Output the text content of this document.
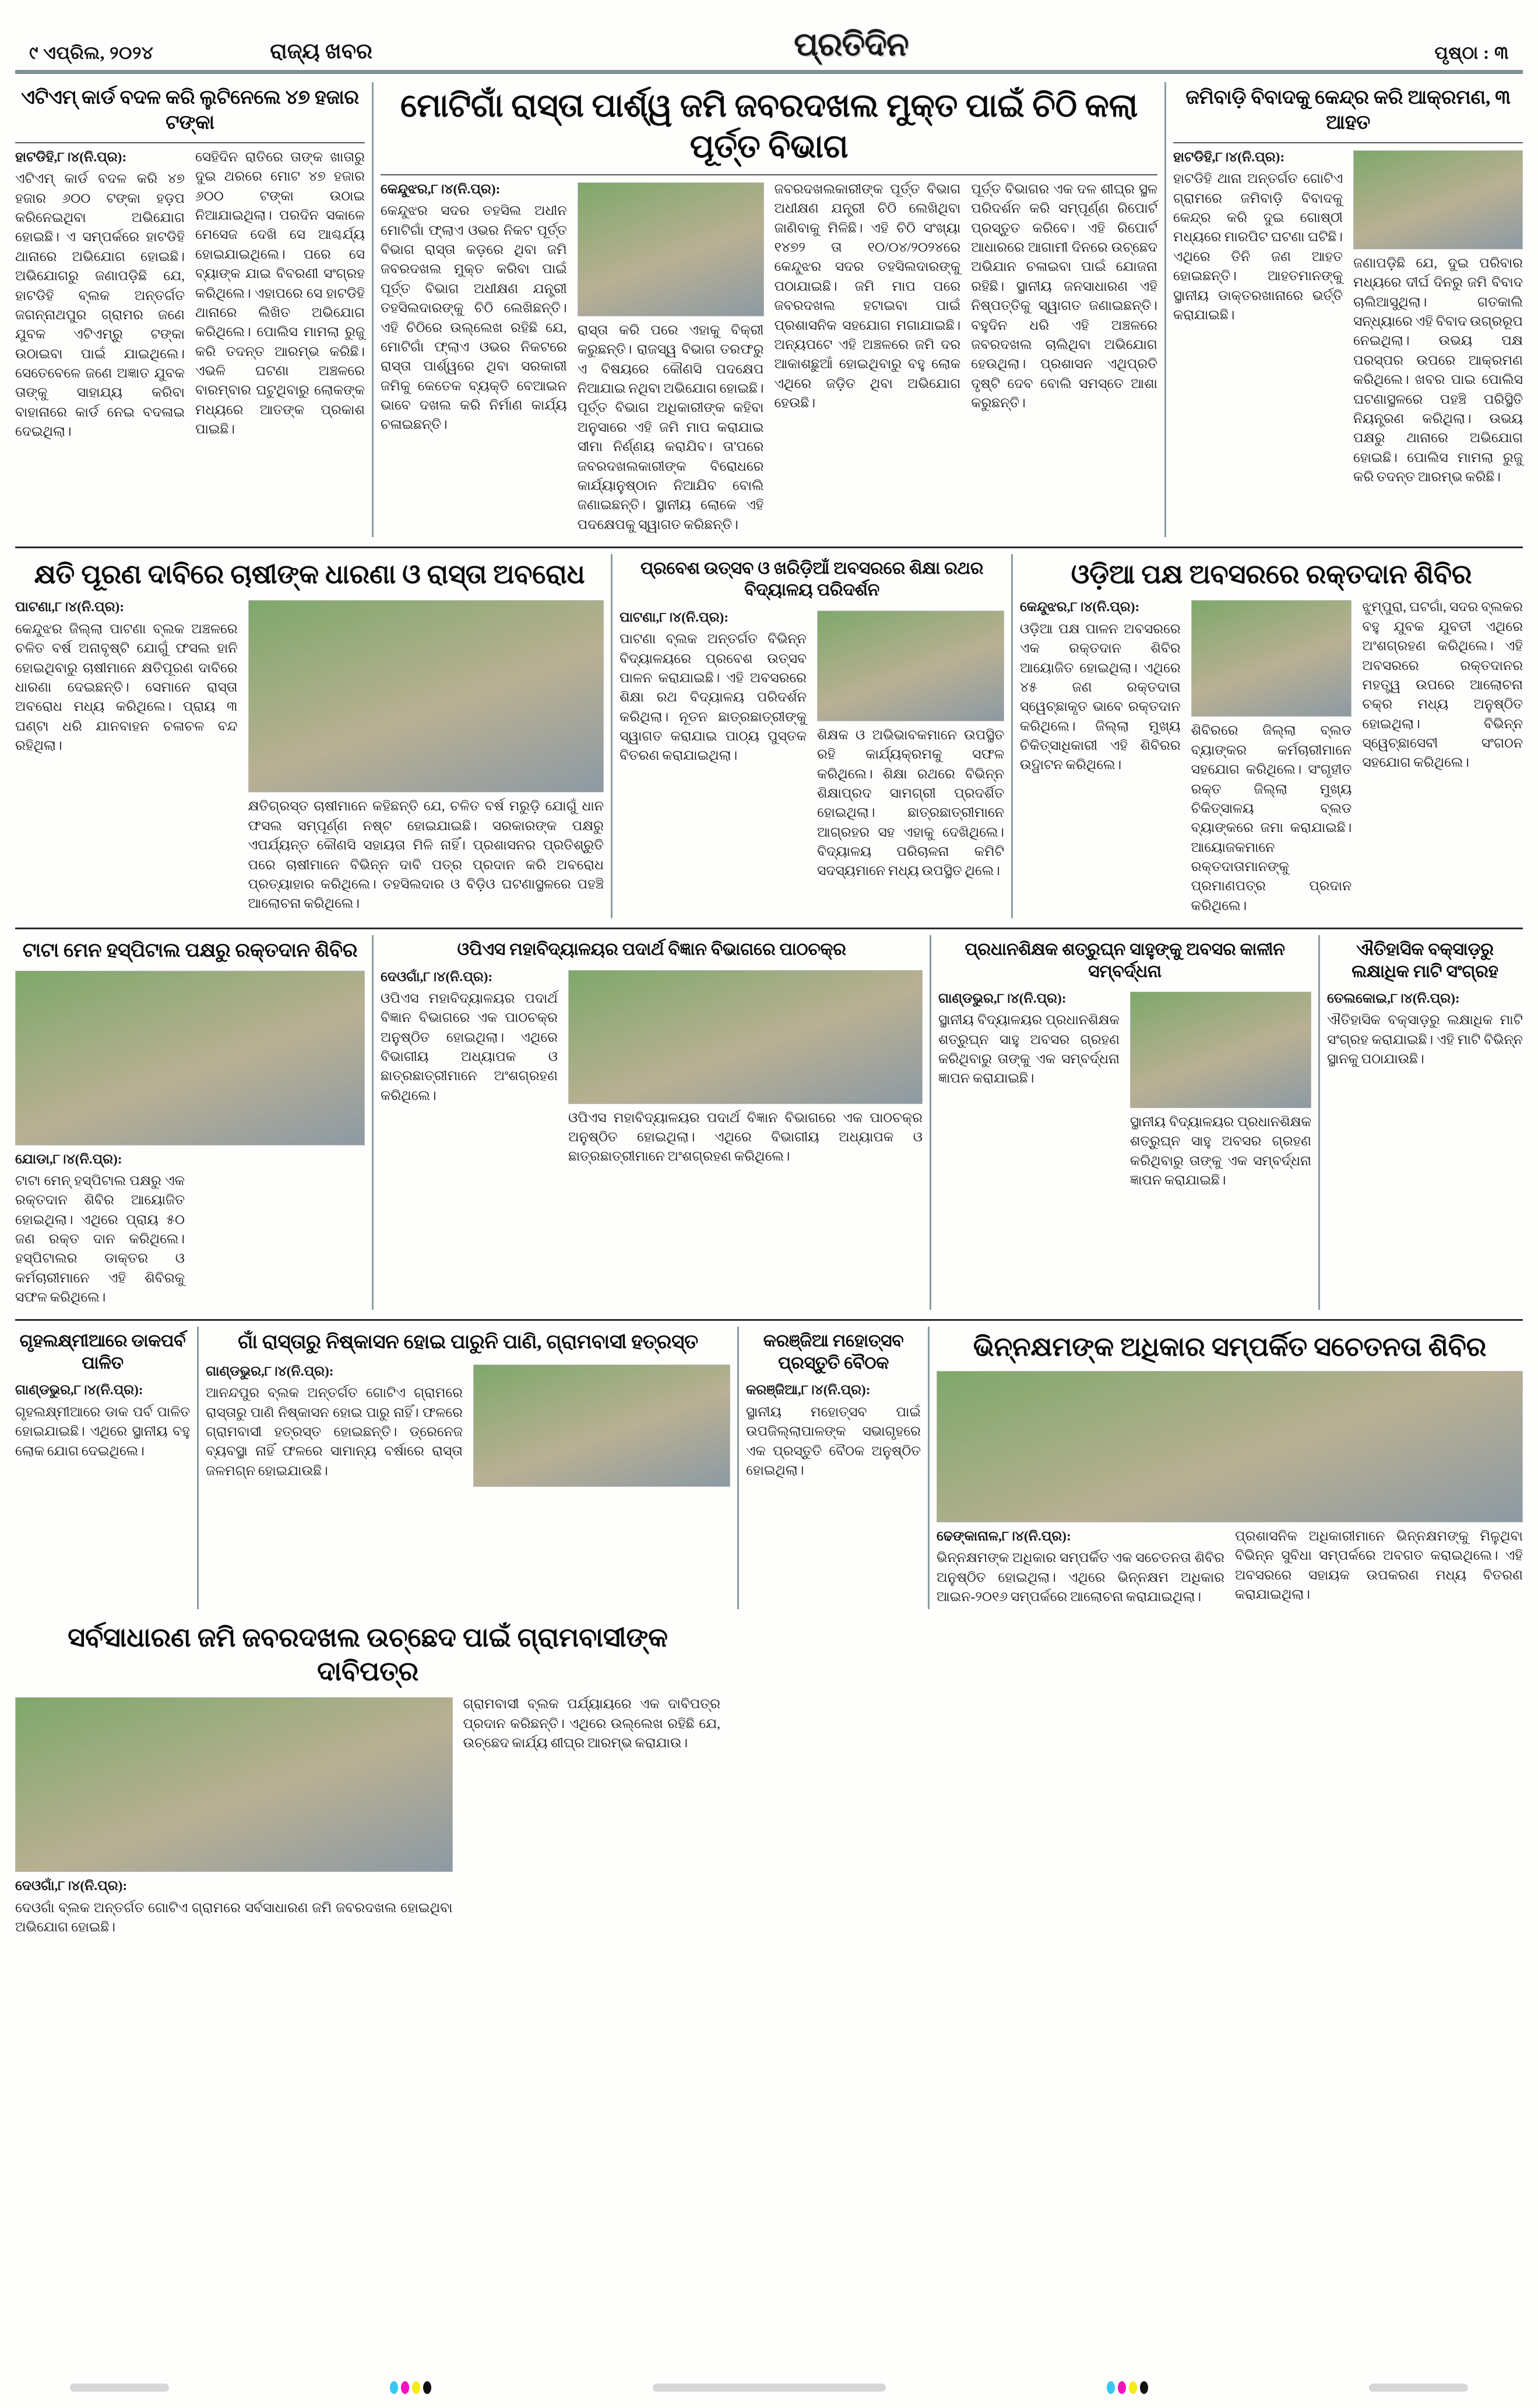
୯ ଏପ୍ରିଲ, ୨୦୨୪	ରାଜ୍ୟ ଖବର	ପ୍ରତିଦିନ	ପୃଷ୍ଠା : ୩
ଏଟିଏମ୍ କାର୍ଡ ବଦଳ କରି ଲୁଟିନେଲେ ୪୭ ହଜାର ଟଙ୍କା

ହାଟଡିହି,୮।୪(ନି.ପ୍ର):

ଏଟିଏମ୍ କାର୍ଡ ବଦଳ କରି ୪୭ ହଜାର ୬୦୦ ଟଙ୍କା ହଡ଼ପ କରିନେଇଥିବା ଅଭିଯୋଗ ହୋଇଛି। ଏ ସମ୍ପର୍କରେ ହାଟଡିହି ଥାନାରେ ଅଭିଯୋଗ ହୋଇଛି। ଅଭିଯୋଗରୁ ଜଣାପଡ଼ିଛି ଯେ, ହାଟଡିହି ବ୍ଲକ ଅନ୍ତର୍ଗତ ଜଗନ୍ନାଥପୁର ଗ୍ରାମର ଜଣେ ଯୁବକ ଏଟିଏମ୍‌ରୁ ଟଙ୍କା ଉଠାଇବା ପାଇଁ ଯାଇଥିଲେ। ସେତେବେଳେ ଜଣେ ଅଜ୍ଞାତ ଯୁବକ ତାଙ୍କୁ ସାହାଯ୍ୟ କରିବା ବାହାନାରେ କାର୍ଡ ନେଇ ବଦଳାଇ ଦେଇଥିଲା।

ସେହିଦିନ ରାତିରେ ତାଙ୍କ ଖାତାରୁ ଦୁଇ ଥରରେ ମୋଟ ୪୭ ହଜାର ୬୦୦ ଟଙ୍କା ଉଠାଇ ନିଆଯାଇଥିଲା। ପରଦିନ ସକାଳେ ମେସେଜ ଦେଖି ସେ ଆଶ୍ଚର୍ଯ୍ୟ ହୋଇଯାଇଥିଲେ। ପରେ ସେ ବ୍ୟାଙ୍କ ଯାଇ ବିବରଣୀ ସଂଗ୍ରହ କରିଥିଲେ। ଏହାପରେ ସେ ହାଟଡିହି ଥାନାରେ ଲିଖିତ ଅଭିଯୋଗ କରିଥିଲେ। ପୋଲିସ ମାମଲା ରୁଜୁ କରି ତଦନ୍ତ ଆରମ୍ଭ କରିଛି। ଏଭଳି ଘଟଣା ଅଞ୍ଚଳରେ ବାରମ୍ବାର ଘଟୁଥିବାରୁ ଲୋକଙ୍କ ମଧ୍ୟରେ ଆତଙ୍କ ପ୍ରକାଶ ପାଇଛି।

ମୋଟିଗାଁ ରାସ୍ତା ପାର୍ଶ୍ୱ ଜମି ଜବରଦଖଲ ମୁକ୍ତ ପାଇଁ ଚିଠି କଲା ପୂର୍ତ୍ତ ବିଭାଗ

କେନ୍ଦୁଝର,୮।୪(ନି.ପ୍ର):

କେନ୍ଦୁଝର ସଦର ତହସିଲ ଅଧୀନ ମୋଟିଗାଁ ଫ୍ଲାଏ ଓଭର ନିକଟ ପୂର୍ତ୍ତ ବିଭାଗ ରାସ୍ତା କଡ଼ରେ ଥିବା ଜମି ଜବରଦଖଲ ମୁକ୍ତ କରିବା ପାଇଁ ପୂର୍ତ୍ତ ବିଭାଗ ଅଧୀକ୍ଷଣ ଯନ୍ତ୍ରୀ ତହସିଲଦାରଙ୍କୁ ଚିଠି ଲେଖିଛନ୍ତି। ଏହି ଚିଠିରେ ଉଲ୍ଲେଖ ରହିଛି ଯେ, ମୋଟିଗାଁ ଫ୍ଲାଏ ଓଭର ନିକଟରେ ରାସ୍ତା ପାର୍ଶ୍ୱରେ ଥିବା ସରକାରୀ ଜମିକୁ କେତେକ ବ୍ୟକ୍ତି ବେଆଇନ ଭାବେ ଦଖଲ କରି ନିର୍ମାଣ କାର୍ଯ୍ୟ ଚଳାଇଛନ୍ତି।

ରାସ୍ତା କରି ପରେ ଏହାକୁ ବିକ୍ରୀ କରୁଛନ୍ତି। ରାଜସ୍ୱ ବିଭାଗ ତରଫରୁ ଏ ବିଷୟରେ କୌଣସି ପଦକ୍ଷେପ ନିଆଯାଇ ନଥିବା ଅଭିଯୋଗ ହୋଇଛି। ପୂର୍ତ୍ତ ବିଭାଗ ଅଧିକାରୀଙ୍କ କହିବା ଅନୁସାରେ ଏହି ଜମି ମାପ କରାଯାଇ ସୀମା ନିର୍ଣ୍ଣୟ କରାଯିବ। ତା'ପରେ ଜବରଦଖଲକାରୀଙ୍କ ବିରୋଧରେ କାର୍ଯ୍ୟାନୁଷ୍ଠାନ ନିଆଯିବ ବୋଲି ଜଣାଇଛନ୍ତି। ସ୍ଥାନୀୟ ଲୋକେ ଏହି ପଦକ୍ଷେପକୁ ସ୍ୱାଗତ କରିଛନ୍ତି।

ଜବରଦଖଲକାରୀଙ୍କ ପୂର୍ତ୍ତ ବିଭାଗ ଅଧୀକ୍ଷଣ ଯନ୍ତ୍ରୀ ଚିଠି ଲେଖିଥିବା ଜାଣିବାକୁ ମିଳିଛି। ଏହି ଚିଠି ସଂଖ୍ୟା ୧୪୭୨ ତା ୧୦/୦୪/୨୦୨୪ରେ କେନ୍ଦୁଝର ସଦର ତହସିଲଦାରଙ୍କୁ ପଠାଯାଇଛି। ଜମି ମାପ ପରେ ଜବରଦଖଲ ହଟାଇବା ପାଇଁ ପ୍ରଶାସନିକ ସହଯୋଗ ମଗାଯାଇଛି। ଅନ୍ୟପଟେ ଏହି ଅଞ୍ଚଳରେ ଜମି ଦର ଆକାଶଛୁଆଁ ହୋଇଥିବାରୁ ବହୁ ଲୋକ ଏଥିରେ ଜଡ଼ିତ ଥିବା ଅଭିଯୋଗ ହେଉଛି।

ପୂର୍ତ୍ତ ବିଭାଗର ଏକ ଦଳ ଶୀଘ୍ର ସ୍ଥଳ ପରିଦର୍ଶନ କରି ସମ୍ପୂର୍ଣ୍ଣ ରିପୋର୍ଟ ପ୍ରସ୍ତୁତ କରିବେ। ଏହି ରିପୋର୍ଟ ଆଧାରରେ ଆଗାମୀ ଦିନରେ ଉଚ୍ଛେଦ ଅଭିଯାନ ଚଳାଇବା ପାଇଁ ଯୋଜନା ରହିଛି। ସ୍ଥାନୀୟ ଜନସାଧାରଣ ଏହି ନିଷ୍ପତ୍ତିକୁ ସ୍ୱାଗତ ଜଣାଇଛନ୍ତି। ବହୁଦିନ ଧରି ଏହି ଅଞ୍ଚଳରେ ଜବରଦଖଲ ଚାଲିଥିବା ଅଭିଯୋଗ ହେଉଥିଲା। ପ୍ରଶାସନ ଏଥିପ୍ରତି ଦୃଷ୍ଟି ଦେବ ବୋଲି ସମସ୍ତେ ଆଶା କରୁଛନ୍ତି।

ଜମିବାଡ଼ି ବିବାଦକୁ କେନ୍ଦ୍ର କରି ଆକ୍ରମଣ, ୩ ଆହତ

ହାଟଡିହି,୮।୪(ନି.ପ୍ର):

ହାଟଡିହି ଥାନା ଅନ୍ତର୍ଗତ ଗୋଟିଏ ଗ୍ରାମରେ ଜମିବାଡ଼ି ବିବାଦକୁ କେନ୍ଦ୍ର କରି ଦୁଇ ଗୋଷ୍ଠୀ ମଧ୍ୟରେ ମାରପିଟ ଘଟଣା ଘଟିଛି। ଏଥିରେ ତିନି ଜଣ ଆହତ ହୋଇଛନ୍ତି। ଆହତମାନଙ୍କୁ ସ୍ଥାନୀୟ ଡାକ୍ତରଖାନାରେ ଭର୍ତ୍ତି କରାଯାଇଛି।

ଜଣାପଡ଼ିଛି ଯେ, ଦୁଇ ପରିବାର ମଧ୍ୟରେ ଦୀର୍ଘ ଦିନରୁ ଜମି ବିବାଦ ଚାଲିଆସୁଥିଲା। ଗତକାଲି ସନ୍ଧ୍ୟାରେ ଏହି ବିବାଦ ଉଗ୍ରରୂପ ନେଇଥିଲା। ଉଭୟ ପକ୍ଷ ପରସ୍ପର ଉପରେ ଆକ୍ରମଣ କରିଥିଲେ। ଖବର ପାଇ ପୋଲିସ ଘଟଣାସ୍ଥଳରେ ପହଞ୍ଚି ପରିସ୍ଥିତି ନିୟନ୍ତ୍ରଣ କରିଥିଲା। ଉଭୟ ପକ୍ଷରୁ ଥାନାରେ ଅଭିଯୋଗ ହୋଇଛି। ପୋଲିସ ମାମଲା ରୁଜୁ କରି ତଦନ୍ତ ଆରମ୍ଭ କରିଛି।

କ୍ଷତି ପୂରଣ ଦାବିରେ ଚାଷୀଙ୍କ ଧାରଣା ଓ ରାସ୍ତା ଅବରୋଧ

ପାଟଣା,୮।୪(ନି.ପ୍ର):

କେନ୍ଦୁଝର ଜିଲ୍ଲା ପାଟଣା ବ୍ଲକ ଅଞ୍ଚଳରେ ଚଳିତ ବର୍ଷ ଅନାବୃଷ୍ଟି ଯୋଗୁଁ ଫସଲ ହାନି ହୋଇଥିବାରୁ ଚାଷୀମାନେ କ୍ଷତିପୂରଣ ଦାବିରେ ଧାରଣା ଦେଇଛନ୍ତି। ସେମାନେ ରାସ୍ତା ଅବରୋଧ ମଧ୍ୟ କରିଥିଲେ। ପ୍ରାୟ ୩ ଘଣ୍ଟା ଧରି ଯାନବାହନ ଚଳାଚଳ ବନ୍ଦ ରହିଥିଲା।

କ୍ଷତିଗ୍ରସ୍ତ ଚାଷୀମାନେ କହିଛନ୍ତି ଯେ, ଚଳିତ ବର୍ଷ ମରୁଡ଼ି ଯୋଗୁଁ ଧାନ ଫସଲ ସମ୍ପୂର୍ଣ୍ଣ ନଷ୍ଟ ହୋଇଯାଇଛି। ସରକାରଙ୍କ ପକ୍ଷରୁ ଏପର୍ଯ୍ୟନ୍ତ କୌଣସି ସହାୟତା ମିଳି ନାହିଁ। ପ୍ରଶାସନର ପ୍ରତିଶ୍ରୁତି ପରେ ଚାଷୀମାନେ ବିଭିନ୍ନ ଦାବି ପତ୍ର ପ୍ରଦାନ କରି ଅବରୋଧ ପ୍ରତ୍ୟାହାର କରିଥିଲେ। ତହସିଲଦାର ଓ ବିଡ଼ିଓ ଘଟଣାସ୍ଥଳରେ ପହଞ୍ଚି ଆଲୋଚନା କରିଥିଲେ।

ପ୍ରବେଶ ଉତ୍ସବ ଓ ଖରିଡ଼ିଆଁ ଅବସରରେ ଶିକ୍ଷା ରଥର ବିଦ୍ୟାଳୟ ପରିଦର୍ଶନ

ପାଟଣା,୮।୪(ନି.ପ୍ର):

ପାଟଣା ବ୍ଲକ ଅନ୍ତର୍ଗତ ବିଭିନ୍ନ ବିଦ୍ୟାଳୟରେ ପ୍ରବେଶ ଉତ୍ସବ ପାଳନ କରାଯାଇଛି। ଏହି ଅବସରରେ ଶିକ୍ଷା ରଥ ବିଦ୍ୟାଳୟ ପରିଦର୍ଶନ କରିଥିଲା। ନୂତନ ଛାତ୍ରଛାତ୍ରୀଙ୍କୁ ସ୍ୱାଗତ କରାଯାଇ ପାଠ୍ୟ ପୁସ୍ତକ ବିତରଣ କରାଯାଇଥିଲା।

ଶିକ୍ଷକ ଓ ଅଭିଭାବକମାନେ ଉପସ୍ଥିତ ରହି କାର୍ଯ୍ୟକ୍ରମକୁ ସଫଳ କରିଥିଲେ। ଶିକ୍ଷା ରଥରେ ବିଭିନ୍ନ ଶିକ୍ଷାପ୍ରଦ ସାମଗ୍ରୀ ପ୍ରଦର୍ଶିତ ହୋଇଥିଲା। ଛାତ୍ରଛାତ୍ରୀମାନେ ଆଗ୍ରହର ସହ ଏହାକୁ ଦେଖିଥିଲେ। ବିଦ୍ୟାଳୟ ପରିଚାଳନା କମିଟି ସଦସ୍ୟମାନେ ମଧ୍ୟ ଉପସ୍ଥିତ ଥିଲେ।

ଓଡ଼ିଆ ପକ୍ଷ ଅବସରରେ ରକ୍ତଦାନ ଶିବିର

କେନ୍ଦୁଝର,୮।୪(ନି.ପ୍ର):

ଓଡ଼ିଆ ପକ୍ଷ ପାଳନ ଅବସରରେ ଏକ ରକ୍ତଦାନ ଶିବିର ଆୟୋଜିତ ହୋଇଥିଲା। ଏଥିରେ ୪୫ ଜଣ ରକ୍ତଦାତା ସ୍ୱେଚ୍ଛାକୃତ ଭାବେ ରକ୍ତଦାନ କରିଥିଲେ। ଜିଲ୍ଲା ମୁଖ୍ୟ ଚିକିତ୍ସାଧିକାରୀ ଏହି ଶିବିରର ଉଦ୍ଘାଟନ କରିଥିଲେ।

ଶିବିରରେ ଜିଲ୍ଲା ବ୍ଲଡ ବ୍ୟାଙ୍କର କର୍ମଚାରୀମାନେ ସହଯୋଗ କରିଥିଲେ। ସଂଗୃହୀତ ରକ୍ତ ଜିଲ୍ଲା ମୁଖ୍ୟ ଚିକିତ୍ସାଳୟ ବ୍ଲଡ ବ୍ୟାଙ୍କରେ ଜମା କରାଯାଇଛି। ଆୟୋଜକମାନେ ରକ୍ତଦାତାମାନଙ୍କୁ ପ୍ରମାଣପତ୍ର ପ୍ରଦାନ କରିଥିଲେ।

ଝୁମ୍ପୁରା, ଘଟଗାଁ, ସଦର ବ୍ଲକର ବହୁ ଯୁବକ ଯୁବତୀ ଏଥିରେ ଅଂଶଗ୍ରହଣ କରିଥିଲେ। ଏହି ଅବସରରେ ରକ୍ତଦାନର ମହତ୍ତ୍ୱ ଉପରେ ଆଲୋଚନା ଚକ୍ର ମଧ୍ୟ ଅନୁଷ୍ଠିତ ହୋଇଥିଲା। ବିଭିନ୍ନ ସ୍ୱେଚ୍ଛାସେବୀ ସଂଗଠନ ସହଯୋଗ କରିଥିଲେ।

ଟାଟା ମେନ ହସ୍ପିଟାଲ ପକ୍ଷରୁ ରକ୍ତଦାନ ଶିବିର

ଯୋଡା,୮।୪(ନି.ପ୍ର):

ଟାଟା ମେନ୍ ହସ୍ପିଟାଲ ପକ୍ଷରୁ ଏକ ରକ୍ତଦାନ ଶିବିର ଆୟୋଜିତ ହୋଇଥିଲା। ଏଥିରେ ପ୍ରାୟ ୫୦ ଜଣ ରକ୍ତ ଦାନ କରିଥିଲେ। ହସ୍ପିଟାଲର ଡାକ୍ତର ଓ କର୍ମଚାରୀମାନେ ଏହି ଶିବିରକୁ ସଫଳ କରିଥିଲେ।

ଓପିଏସ ମହାବିଦ୍ୟାଳୟର ପଦାର୍ଥ ବିଜ୍ଞାନ ବିଭାଗରେ ପାଠଚକ୍ର

ଦେଓଗାଁ,୮।୪(ନି.ପ୍ର):

ଓପିଏସ ମହାବିଦ୍ୟାଳୟର ପଦାର୍ଥ ବିଜ୍ଞାନ ବିଭାଗରେ ଏକ ପାଠଚକ୍ର ଅନୁଷ୍ଠିତ ହୋଇଥିଲା। ଏଥିରେ ବିଭାଗୀୟ ଅଧ୍ୟାପକ ଓ ଛାତ୍ରଛାତ୍ରୀମାନେ ଅଂଶଗ୍ରହଣ କରିଥିଲେ।

ଓପିଏସ ମହାବିଦ୍ୟାଳୟର ପଦାର୍ଥ ବିଜ୍ଞାନ ବିଭାଗରେ ଏକ ପାଠଚକ୍ର ଅନୁଷ୍ଠିତ ହୋଇଥିଲା। ଏଥିରେ ବିଭାଗୀୟ ଅଧ୍ୟାପକ ଓ ଛାତ୍ରଛାତ୍ରୀମାନେ ଅଂଶଗ୍ରହଣ କରିଥିଲେ।

ପ୍ରଧାନଶିକ୍ଷକ ଶତ୍ରୁଘ୍ନ ସାହୁଙ୍କୁ ଅବସର କାଳୀନ ସମ୍ବର୍ଦ୍ଧନା

ଗାଣ୍ଡଭୁର,୮।୪(ନି.ପ୍ର):

ସ୍ଥାନୀୟ ବିଦ୍ୟାଳୟର ପ୍ରଧାନଶିକ୍ଷକ ଶତ୍ରୁଘ୍ନ ସାହୁ ଅବସର ଗ୍ରହଣ କରିଥିବାରୁ ତାଙ୍କୁ ଏକ ସମ୍ବର୍ଦ୍ଧନା ଜ୍ଞାପନ କରାଯାଇଛି।

ସ୍ଥାନୀୟ ବିଦ୍ୟାଳୟର ପ୍ରଧାନଶିକ୍ଷକ ଶତ୍ରୁଘ୍ନ ସାହୁ ଅବସର ଗ୍ରହଣ କରିଥିବାରୁ ତାଙ୍କୁ ଏକ ସମ୍ବର୍ଦ୍ଧନା ଜ୍ଞାପନ କରାଯାଇଛି।

ଐତିହାସିକ ବକ୍ସାଡ଼ରୁ ଲକ୍ଷାଧିକ ମାଟି ସଂଗ୍ରହ

ତେଲକୋଇ,୮।୪(ନି.ପ୍ର):

ଐତିହାସିକ ବକ୍ସାଡ଼ରୁ ଲକ୍ଷାଧିକ ମାଟି ସଂଗ୍ରହ କରାଯାଇଛି। ଏହି ମାଟି ବିଭିନ୍ନ ସ୍ଥାନକୁ ପଠାଯାଉଛି।

ଗୃହଲକ୍ଷ୍ମୀଆରେ ଡାକପର୍ବ ପାଳିତ

ଗାଣ୍ଡଭୁର,୮।୪(ନି.ପ୍ର):

ଗୃହଲକ୍ଷ୍ମୀଆରେ ଡାକ ପର୍ବ ପାଳିତ ହୋଇଯାଇଛି। ଏଥିରେ ସ୍ଥାନୀୟ ବହୁ ଲୋକ ଯୋଗ ଦେଇଥିଲେ।

ଗାଁ ରାସ୍ତାରୁ ନିଷ୍କାସନ ହୋଇ ପାରୁନି ପାଣି, ଗ୍ରାମବାସୀ ହତ୍ରସ୍ତ

ଗାଣ୍ଡଭୁର,୮।୪(ନି.ପ୍ର):

ଆନନ୍ଦପୁର ବ୍ଲକ ଅନ୍ତର୍ଗତ ଗୋଟିଏ ଗ୍ରାମରେ ରାସ୍ତାରୁ ପାଣି ନିଷ୍କାସନ ହୋଇ ପାରୁ ନାହିଁ। ଫଳରେ ଗ୍ରାମବାସୀ ହତ୍ରସ୍ତ ହୋଇଛନ୍ତି। ଡ୍ରେନେଜ ବ୍ୟବସ୍ଥା ନାହିଁ ଫଳରେ ସାମାନ୍ୟ ବର୍ଷାରେ ରାସ୍ତା ଜଳମଗ୍ନ ହୋଇଯାଉଛି।

କରଞ୍ଜିଆ ମହୋତ୍ସବ ପ୍ରସ୍ତୁତି ବୈଠକ

କରଞ୍ଜିଆ,୮।୪(ନି.ପ୍ର):

ସ୍ଥାନୀୟ ମହୋତ୍ସବ ପାଇଁ ଉପଜିଲ୍ଲାପାଳଙ୍କ ସଭାଗୃହରେ ଏକ ପ୍ରସ୍ତୁତି ବୈଠକ ଅନୁଷ୍ଠିତ ହୋଇଥିଲା।

ଭିନ୍ନକ୍ଷମଙ୍କ ଅଧିକାର ସମ୍ପର୍କିତ ସଚେତନତା ଶିବିର

ଢେଙ୍କାନାଳ,୮।୪(ନି.ପ୍ର):

ଭିନ୍ନକ୍ଷମଙ୍କ ଅଧିକାର ସମ୍ପର୍କିତ ଏକ ସଚେତନତା ଶିବିର ଅନୁଷ୍ଠିତ ହୋଇଥିଲା। ଏଥିରେ ଭିନ୍ନକ୍ଷମ ଅଧିକାର ଆଇନ-୨୦୧୬ ସମ୍ପର୍କରେ ଆଲୋଚନା କରାଯାଇଥିଲା।

ପ୍ରଶାସନିକ ଅଧିକାରୀମାନେ ଭିନ୍ନକ୍ଷମଙ୍କୁ ମିଳୁଥିବା ବିଭିନ୍ନ ସୁବିଧା ସମ୍ପର୍କରେ ଅବଗତ କରାଇଥିଲେ। ଏହି ଅବସରରେ ସହାୟକ ଉପକରଣ ମଧ୍ୟ ବିତରଣ କରାଯାଇଥିଲା।

ସର୍ବସାଧାରଣ ଜମି ଜବରଦଖଲ ଉଚ୍ଛେଦ ପାଇଁ ଗ୍ରାମବାସୀଙ୍କ ଦାବିପତ୍ର

ଦେଓଗାଁ,୮।୪(ନି.ପ୍ର):

ଦେଓଗାଁ ବ୍ଲକ ଅନ୍ତର୍ଗତ ଗୋଟିଏ ଗ୍ରାମରେ ସର୍ବସାଧାରଣ ଜମି ଜବରଦଖଲ ହୋଇଥିବା ଅଭିଯୋଗ ହୋଇଛି।

ଗ୍ରାମବାସୀ ବ୍ଲକ ପର୍ଯ୍ୟାୟରେ ଏକ ଦାବିପତ୍ର ପ୍ରଦାନ କରିଛନ୍ତି। ଏଥିରେ ଉଲ୍ଲେଖ ରହିଛି ଯେ, ଉଚ୍ଛେଦ କାର୍ଯ୍ୟ ଶୀଘ୍ର ଆରମ୍ଭ କରାଯାଉ।
